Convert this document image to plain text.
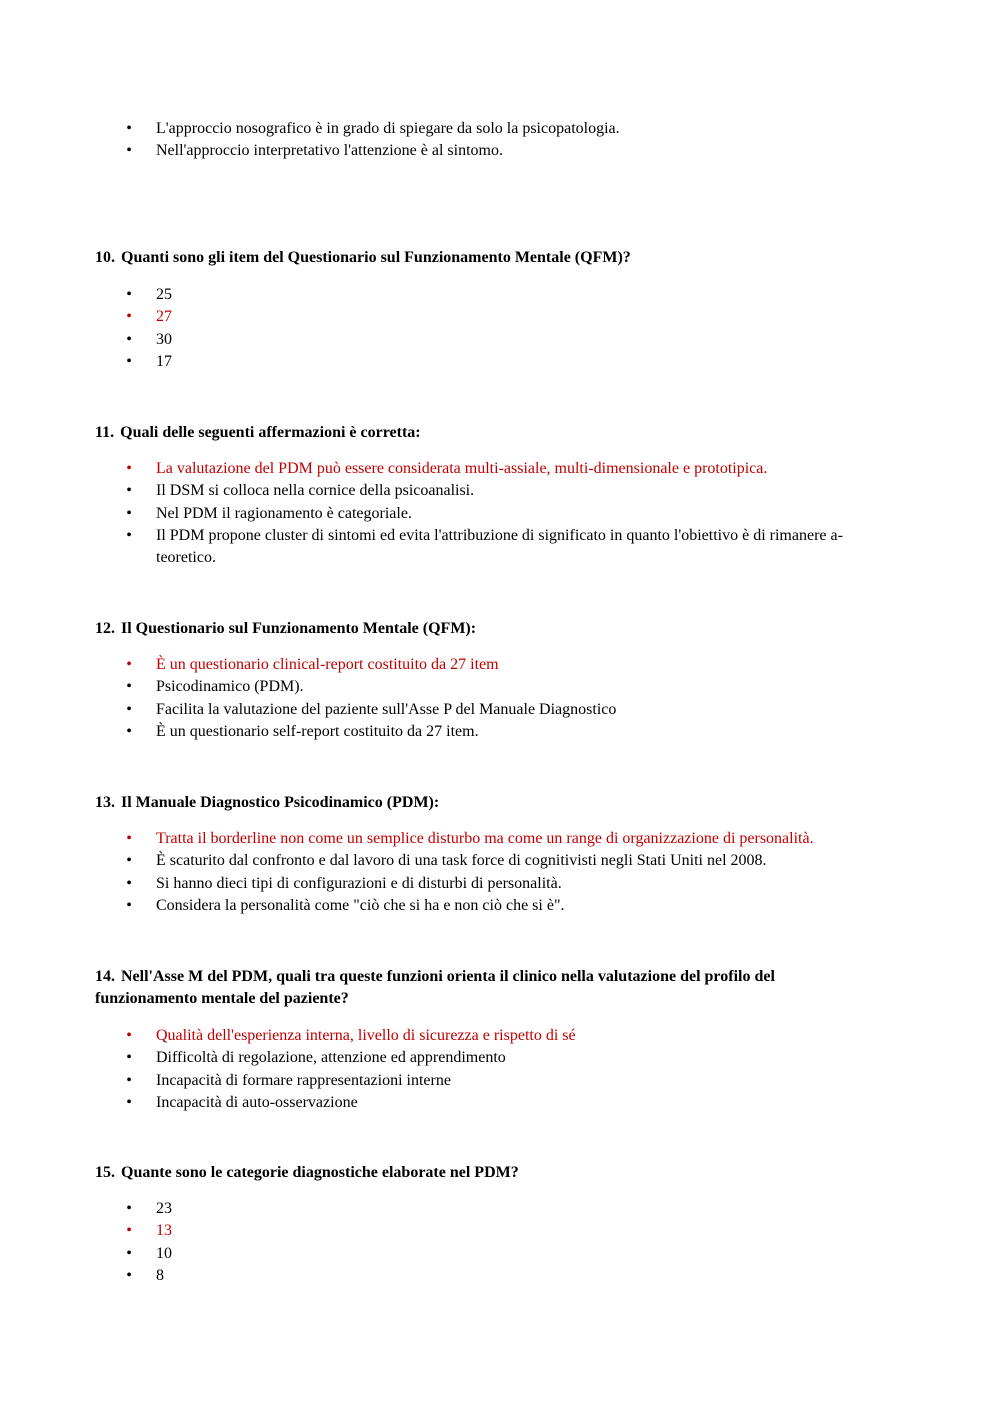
• L'approccio nosografico è in grado di spiegare da solo la psicopatologia.
• Nell'approccio interpretativo l'attenzione è al sintomo.
10. Quanti sono gli item del Questionario sul Funzionamento Mentale (QFM)?
• 25
• 27
• 30
• 17
11. Quali delle seguenti affermazioni è corretta:
• La valutazione del PDM può essere considerata multi-assiale, multi-dimensionale e prototipica.
• Il DSM si colloca nella cornice della psicoanalisi.
• Nel PDM il ragionamento è categoriale.
• Il PDM propone cluster di sintomi ed evita l'attribuzione di significato in quanto l'obiettivo è di rimanere a-teoretico.
12. Il Questionario sul Funzionamento Mentale (QFM):
• È un questionario clinical-report costituito da 27 item
• Psicodinamico (PDM).
• Facilita la valutazione del paziente sull'Asse P del Manuale Diagnostico
• È un questionario self-report costituito da 27 item.
13. Il Manuale Diagnostico Psicodinamico (PDM):
• Tratta il borderline non come un semplice disturbo ma come un range di organizzazione di personalità.
• È scaturito dal confronto e dal lavoro di una task force di cognitivisti negli Stati Uniti nel 2008.
• Si hanno dieci tipi di configurazioni e di disturbi di personalità.
• Considera la personalità come "ciò che si ha e non ciò che si è".
14. Nell'Asse M del PDM, quali tra queste funzioni orienta il clinico nella valutazione del profilo del funzionamento mentale del paziente?
• Qualità dell'esperienza interna, livello di sicurezza e rispetto di sé
• Difficoltà di regolazione, attenzione ed apprendimento
• Incapacità di formare rappresentazioni interne
• Incapacità di auto-osservazione
15. Quante sono le categorie diagnostiche elaborate nel PDM?
• 23
• 13
• 10
• 8
